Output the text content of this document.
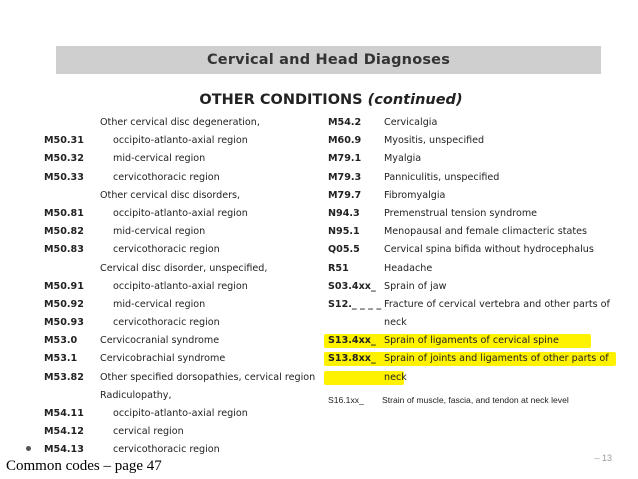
Cervical and Head Diagnoses
OTHER CONDITIONS (continued)
Other cervical disc degeneration,
M50.31	occipito-atlanto-axial region
M50.32	mid-cervical region
M50.33	cervicothoracic region
Other cervical disc disorders,
M50.81	occipito-atlanto-axial region
M50.82	mid-cervical region
M50.83	cervicothoracic region
Cervical disc disorder, unspecified,
M50.91	occipito-atlanto-axial region
M50.92	mid-cervical region
M50.93	cervicothoracic region
M53.0	Cervicocranial syndrome
M53.1	Cervicobrachial syndrome
M53.82	Other specified dorsopathies, cervical region
Radiculopathy,
M54.11	occipito-atlanto-axial region
M54.12	cervical region
M54.13	cervicothoracic region
M54.2	Cervicalgia
M60.9	Myositis, unspecified
M79.1	Myalgia
M79.3	Panniculitis, unspecified
M79.7	Fibromyalgia
N94.3	Premenstrual tension syndrome
N95.1	Menopausal and female climacteric states
Q05.5	Cervical spina bifida without hydrocephalus
R51	Headache
S03.4xx_ Sprain of jaw
S12._ _ _ _ Fracture of cervical vertebra and other parts of
neck
S13.4xx_ Sprain of ligaments of cervical spine
S13.8xx_ Sprain of joints and ligaments of other parts of
neck
S16.1xx_	Strain of muscle, fascia, and tendon at neck level
– 13
Common codes – page 47
